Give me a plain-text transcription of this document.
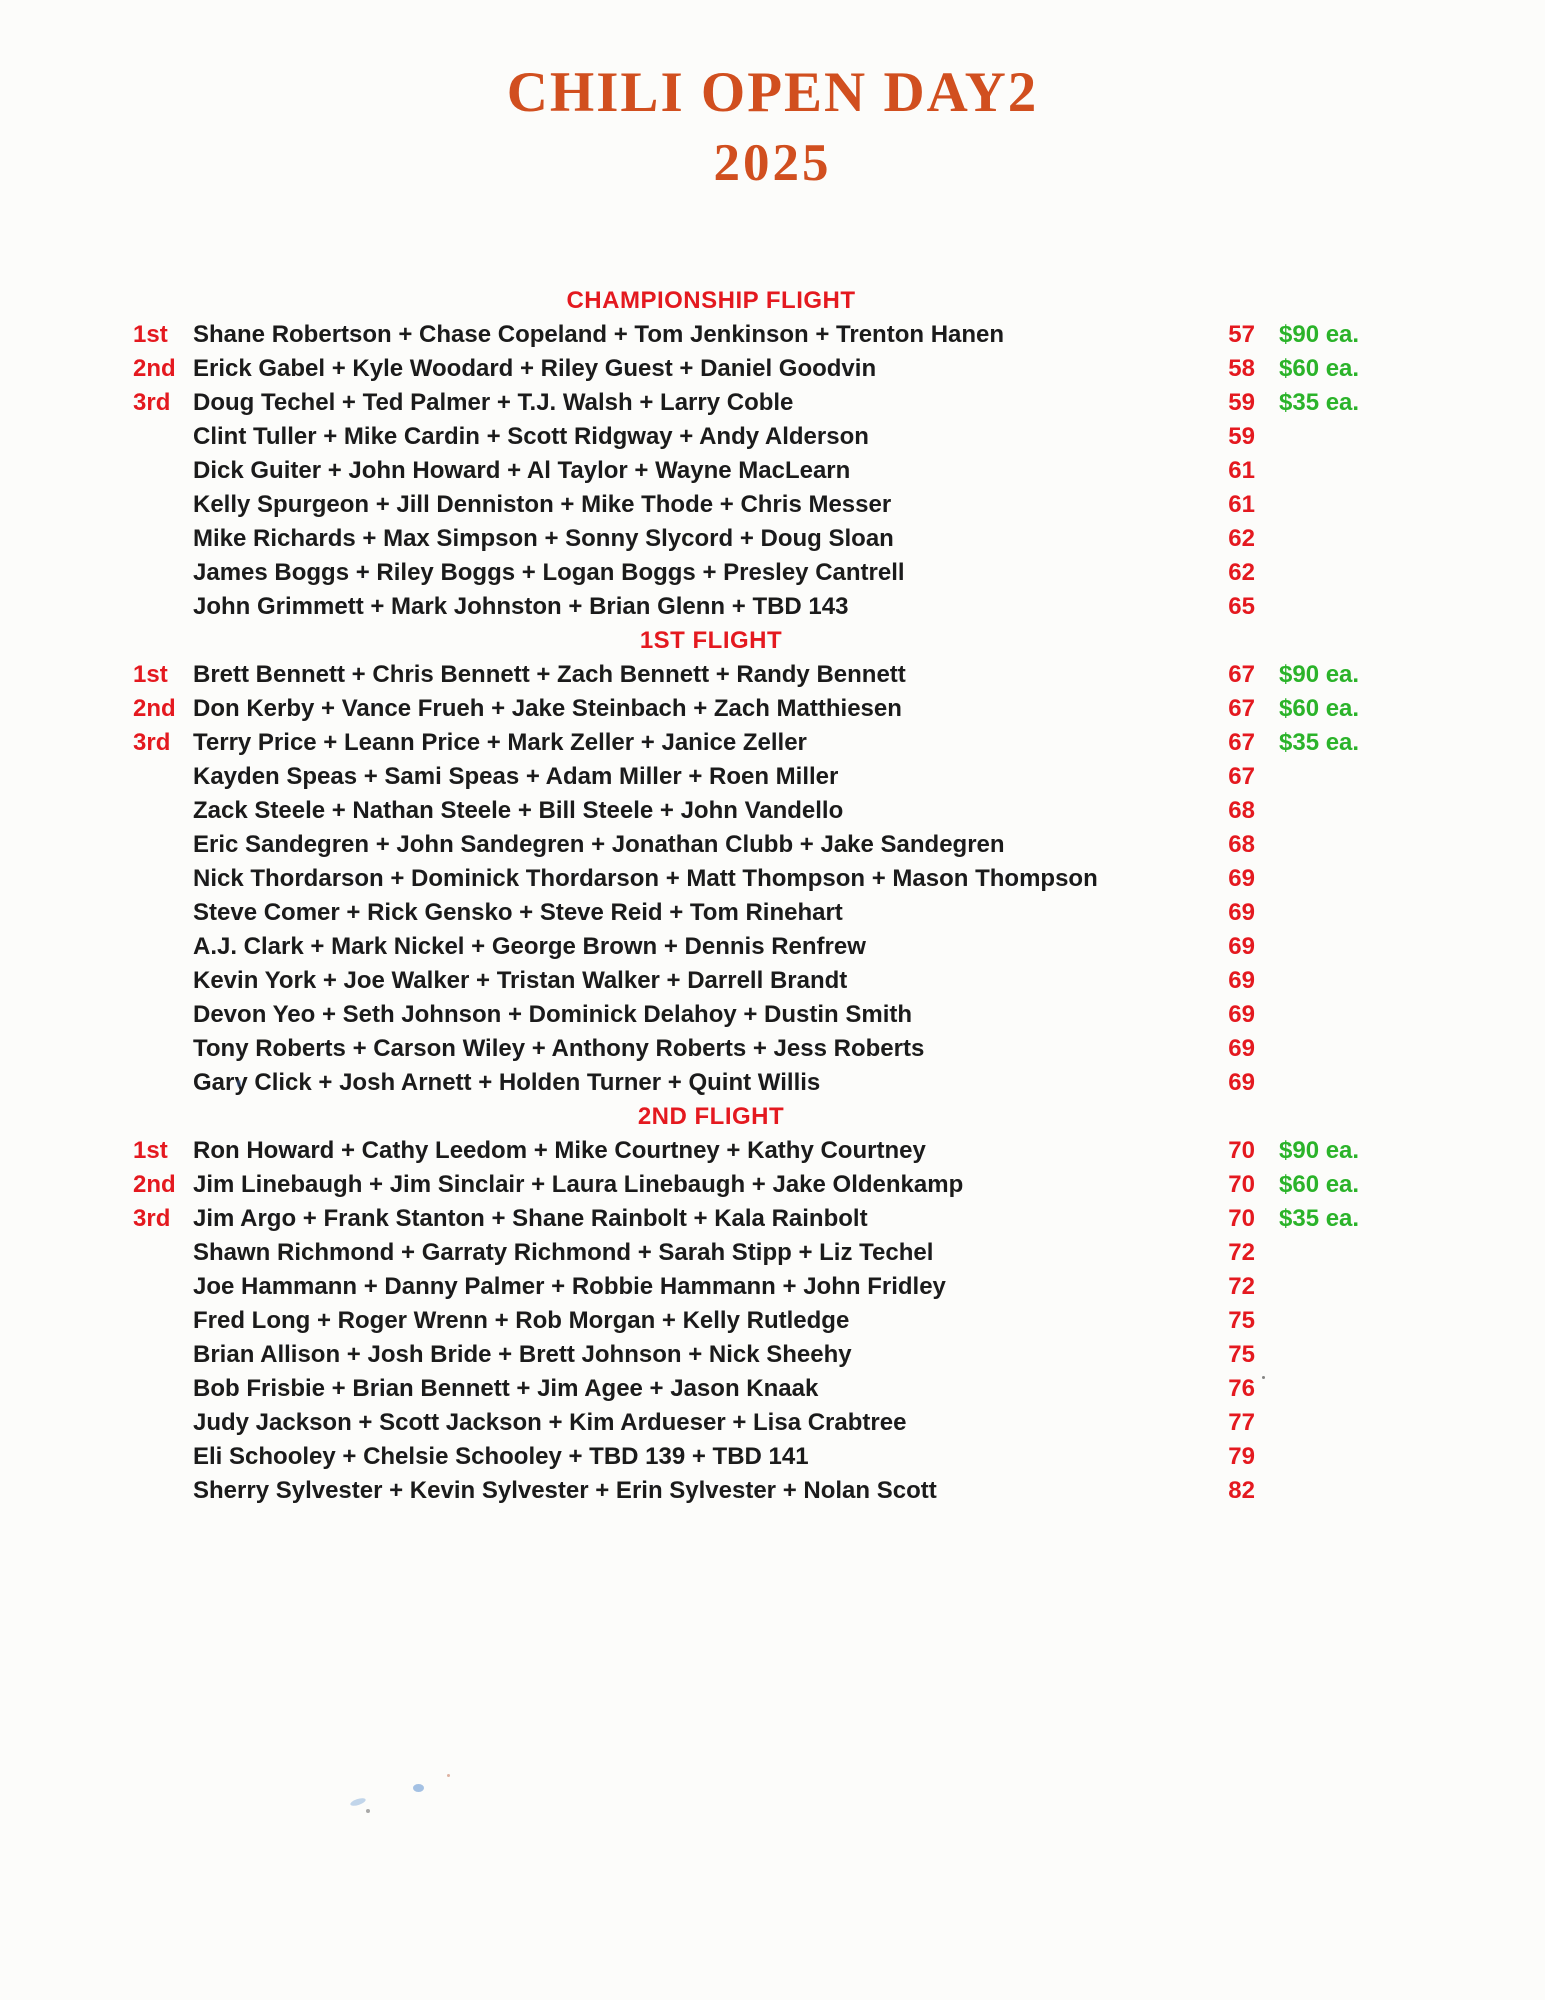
CHILI OPEN DAY2
2025
CHAMPIONSHIP FLIGHT
1st	Shane Robertson + Chase Copeland + Tom Jenkinson + Trenton Hanen	57 $90 ea.
2nd Erick Gabel + Kyle Woodard + Riley Guest + Daniel Goodvin	58 $60 ea.
3rd Doug Techel + Ted Palmer + T.J. Walsh + Larry Coble	59 $35 ea.
Clint Tuller + Mike Cardin + Scott Ridgway + Andy Alderson	59
Dick Guiter + John Howard + Al Taylor + Wayne MacLearn	61
Kelly Spurgeon + Jill Denniston + Mike Thode + Chris Messer	61
Mike Richards + Max Simpson + Sonny Slycord + Doug Sloan	62
James Boggs + Riley Boggs + Logan Boggs + Presley Cantrell	62
John Grimmett + Mark Johnston + Brian Glenn + TBD 143	65
1ST FLIGHT
1st	Brett Bennett + Chris Bennett + Zach Bennett + Randy Bennett	67 $90 ea.
2nd Don Kerby + Vance Frueh + Jake Steinbach + Zach Matthiesen	67 $60 ea.
3rd Terry Price + Leann Price + Mark Zeller + Janice Zeller	67 $35 ea.
Kayden Speas + Sami Speas + Adam Miller + Roen Miller	67
Zack Steele + Nathan Steele + Bill Steele + John Vandello	68
Eric Sandegren + John Sandegren + Jonathan Clubb + Jake Sandegren	68
Nick Thordarson + Dominick Thordarson + Matt Thompson + Mason Thompson	69
Steve Comer + Rick Gensko + Steve Reid + Tom Rinehart	69
A.J. Clark + Mark Nickel + George Brown + Dennis Renfrew	69
Kevin York + Joe Walker + Tristan Walker + Darrell Brandt	69
Devon Yeo + Seth Johnson + Dominick Delahoy + Dustin Smith	69
Tony Roberts + Carson Wiley + Anthony Roberts + Jess Roberts	69
Gary Click + Josh Arnett + Holden Turner + Quint Willis	69
2ND FLIGHT
1st	Ron Howard + Cathy Leedom + Mike Courtney + Kathy Courtney	70 $90 ea.
2nd Jim Linebaugh + Jim Sinclair + Laura Linebaugh + Jake Oldenkamp	70 $60 ea.
3rd Jim Argo + Frank Stanton + Shane Rainbolt + Kala Rainbolt	70 $35 ea.
Shawn Richmond + Garraty Richmond + Sarah Stipp + Liz Techel	72
Joe Hammann + Danny Palmer + Robbie Hammann + John Fridley	72
Fred Long + Roger Wrenn + Rob Morgan + Kelly Rutledge	75
Brian Allison + Josh Bride + Brett Johnson + Nick Sheehy	75
Bob Frisbie + Brian Bennett + Jim Agee + Jason Knaak	76
Judy Jackson + Scott Jackson + Kim Ardueser + Lisa Crabtree	77
Eli Schooley + Chelsie Schooley + TBD 139 + TBD 141	79
Sherry Sylvester + Kevin Sylvester + Erin Sylvester + Nolan Scott	82
